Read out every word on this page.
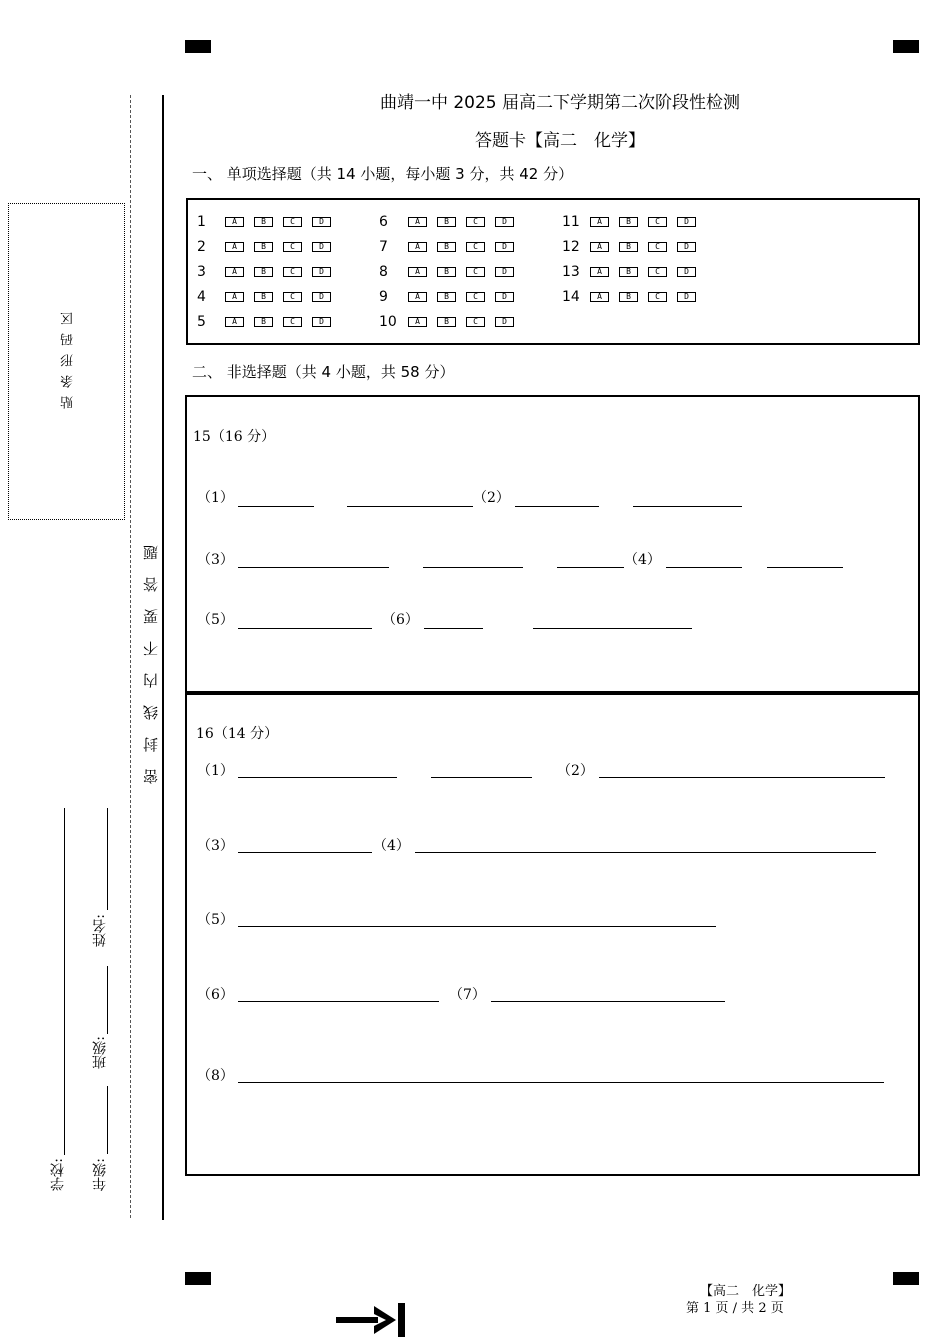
贴条形码区
密封线内不要答题
学校: 年级:
班级:
姓名:
曲靖一中 2025 届高二下学期第二次阶段性检测
答题卡【高二　化学】
一、 单项选择题（共 14 小题，每小题 3 分，共 42 分）
1	A	B	C	D
2	A	B	C	D
3	A	B	C	D
4	A	B	C	D
5	A	B	C	D
6	A	B	C	D
7	A	B	C	D
8	A	B	C	D
9	A	B	C	D
10	A	B	C	D
11	A	B	C	D
12	A	B	C	D
13	A	B	C	D
14	A	B	C	D
二、 非选择题（共 4 小题，共 58 分）
15（16 分）
（1）	（2）
（3）	（4）
（5）	（6）
16（14 分）
（1）	（2）
（3）	（4）
（5）
（6）	（7）
（8）
【高二　化学】
第 1 页 / 共 2 页
